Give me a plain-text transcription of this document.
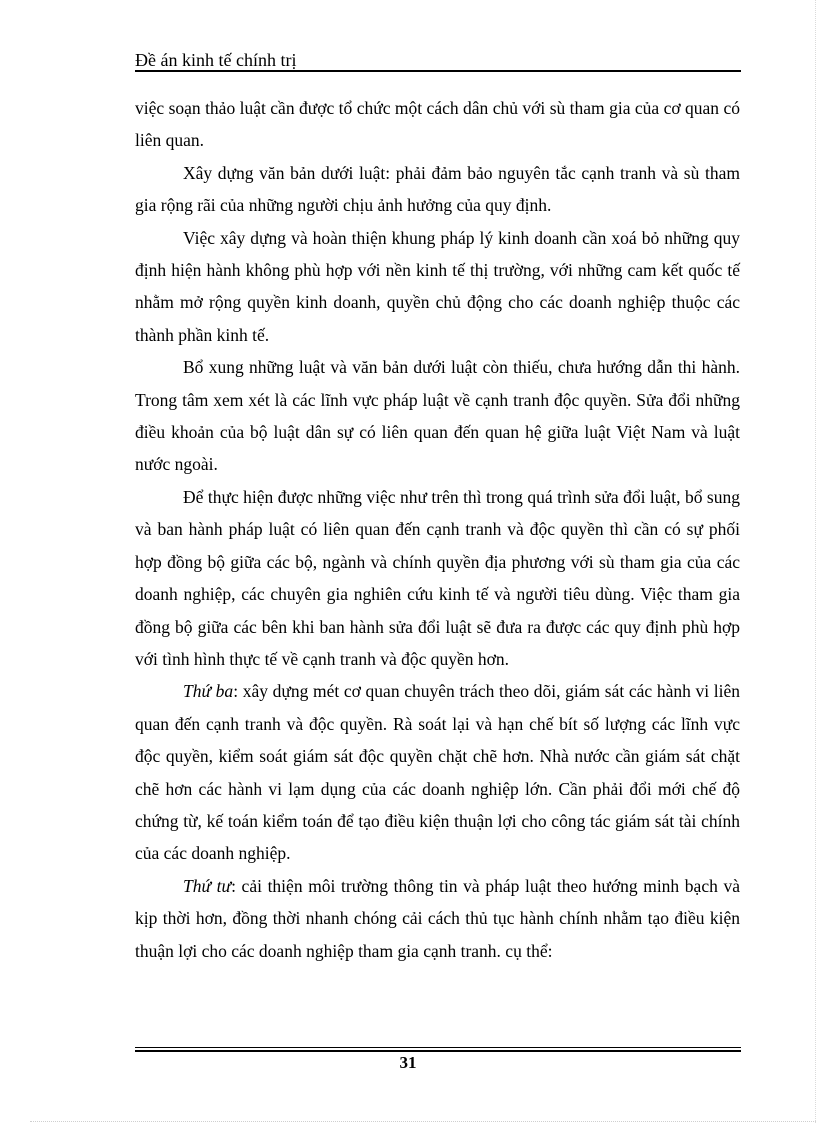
Đề án kinh tế chính trị

việc soạn thảo luật cần được tổ chức một cách dân chủ với sù tham gia của cơ quan có liên quan.

Xây dựng văn bản dưới luật: phải đảm bảo nguyên tắc cạnh tranh và sù tham gia rộng rãi của những người chịu ảnh hưởng của quy định.

Việc xây dựng và hoàn thiện khung pháp lý kinh doanh cần xoá bỏ những quy định hiện hành không phù hợp với nền kinh tế thị trường, với những cam kết quốc tế nhằm mở rộng quyền kinh doanh, quyền chủ động cho các doanh nghiệp thuộc các thành phần kinh tế.

Bổ xung những luật và văn bản dưới luật còn thiếu, chưa hướng dẫn thi hành. Trong tâm xem xét là các lĩnh vực pháp luật về cạnh tranh độc quyền. Sửa đổi những điều khoản của bộ luật dân sự có liên quan đến quan hệ giữa luật Việt Nam và luật nước ngoài.

Để thực hiện được những việc như trên thì trong quá trình sửa đổi luật, bổ sung và ban hành pháp luật có liên quan đến cạnh tranh và độc quyền thì cần có sự phối hợp đồng bộ giữa các bộ, ngành và chính quyền địa phương với sù tham gia của các doanh nghiệp, các chuyên gia nghiên cứu kinh tế và người tiêu dùng. Việc tham gia đồng bộ giữa các bên khi ban hành sửa đổi luật sẽ đưa ra được các quy định phù hợp với tình hình thực tế về cạnh tranh và độc quyền hơn.

Thứ ba: xây dựng mét cơ quan chuyên trách theo dõi, giám sát các hành vi liên quan đến cạnh tranh và độc quyền. Rà soát lại và hạn chế bít số lượng các lĩnh vực độc quyền, kiểm soát giám sát độc quyền chặt chẽ hơn. Nhà nước cần giám sát chặt chẽ hơn các hành vi lạm dụng của các doanh nghiệp lớn. Cần phải đổi mới chế độ chứng từ, kế toán kiểm toán để tạo điều kiện thuận lợi cho công tác giám sát tài chính của các doanh nghiệp.

Thứ tư: cải thiện môi trường thông tin và pháp luật theo hướng minh bạch và kịp thời hơn, đồng thời nhanh chóng cải cách thủ tục hành chính nhằm tạo điều kiện thuận lợi cho các doanh nghiệp tham gia cạnh tranh. cụ thể:

31
